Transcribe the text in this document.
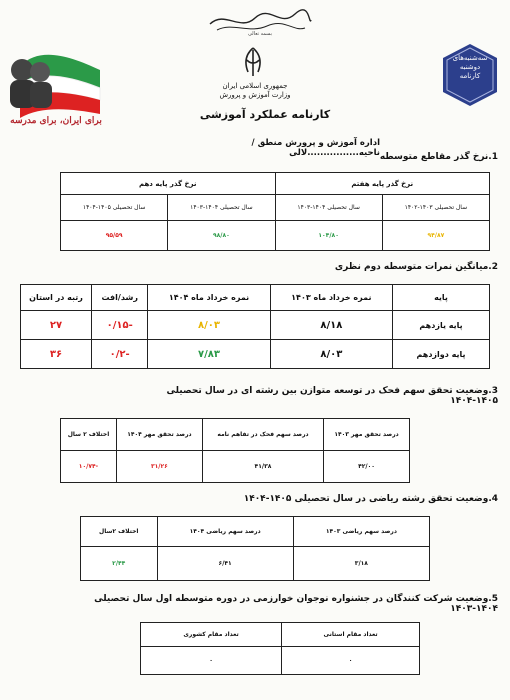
بسمه تعالی
جمهوری اسلامی ایران
وزارت آموزش و پرورش
برای ایران، برای مدرسه
سه‌شنبه‌های
دوشنبه
کارنامه
کارنامه عملکرد آموزشی
اداره آموزش و پرورش منطق /ناحیه................لالی	1.نرخ گذر مقاطع متوسطه
نرخ گذر پایه هفتم		نرخ گذر پایه دهم	
سال تحصیلی ۱۴۰۳-۱۴۰۲	سال تحصیلی ۱۴۰۴-۱۴۰۳	سال تحصیلی ۱۴۰۴-۱۴۰۳	سال تحصیلی ۱۴۰۵-۱۴۰۴
۹۴/۸۷	۱۰۴/۸۰	۹۸/۸۰	۹۵/۵۹
2.میانگین نمرات متوسطه دوم نظری
پایه	نمره خرداد ماه ۱۴۰۳	نمره خرداد ماه ۱۴۰۴	رشد/افت	رتبه در استان
پایه یازدهم	۸/۱۸	۸/۰۳	-۰/۱۵	۲۷
پایه دوازدهم	۸/۰۳	۷/۸۳	-۰/۲	۳۶
3.وضعیت تحقق سهم فحک در توسعه متوازن بین رشته ای در سال تحصیلی ۱۴۰۵-۱۴۰۴
درصد تحقق مهر ۱۴۰۳	درصد سهم فحک در تفاهم نامه	درصد تحقق مهر ۱۴۰۴	اختلاف ۲ سال
۴۲/۰۰	۴۱/۳۸	۳۱/۲۶	-۱۰/۷۴
4.وضعیت تحقق رشته ریاضی در سال تحصیلی ۱۴۰۵-۱۴۰۴
درصد سهم ریاضی ۱۴۰۳	درصد سهم ریاضی ۱۴۰۴	اختلاف ۲سال
۳/۱۸	۶/۴۱	۲/۴۴
5.وضعیت شرکت کنندگان در جشنواره نوجوان خوارزمی در دوره متوسطه اول سال تحصیلی ۱۴۰۴-۱۴۰۳
تعداد مقام استانی	تعداد مقام کشوری
۰	۰
